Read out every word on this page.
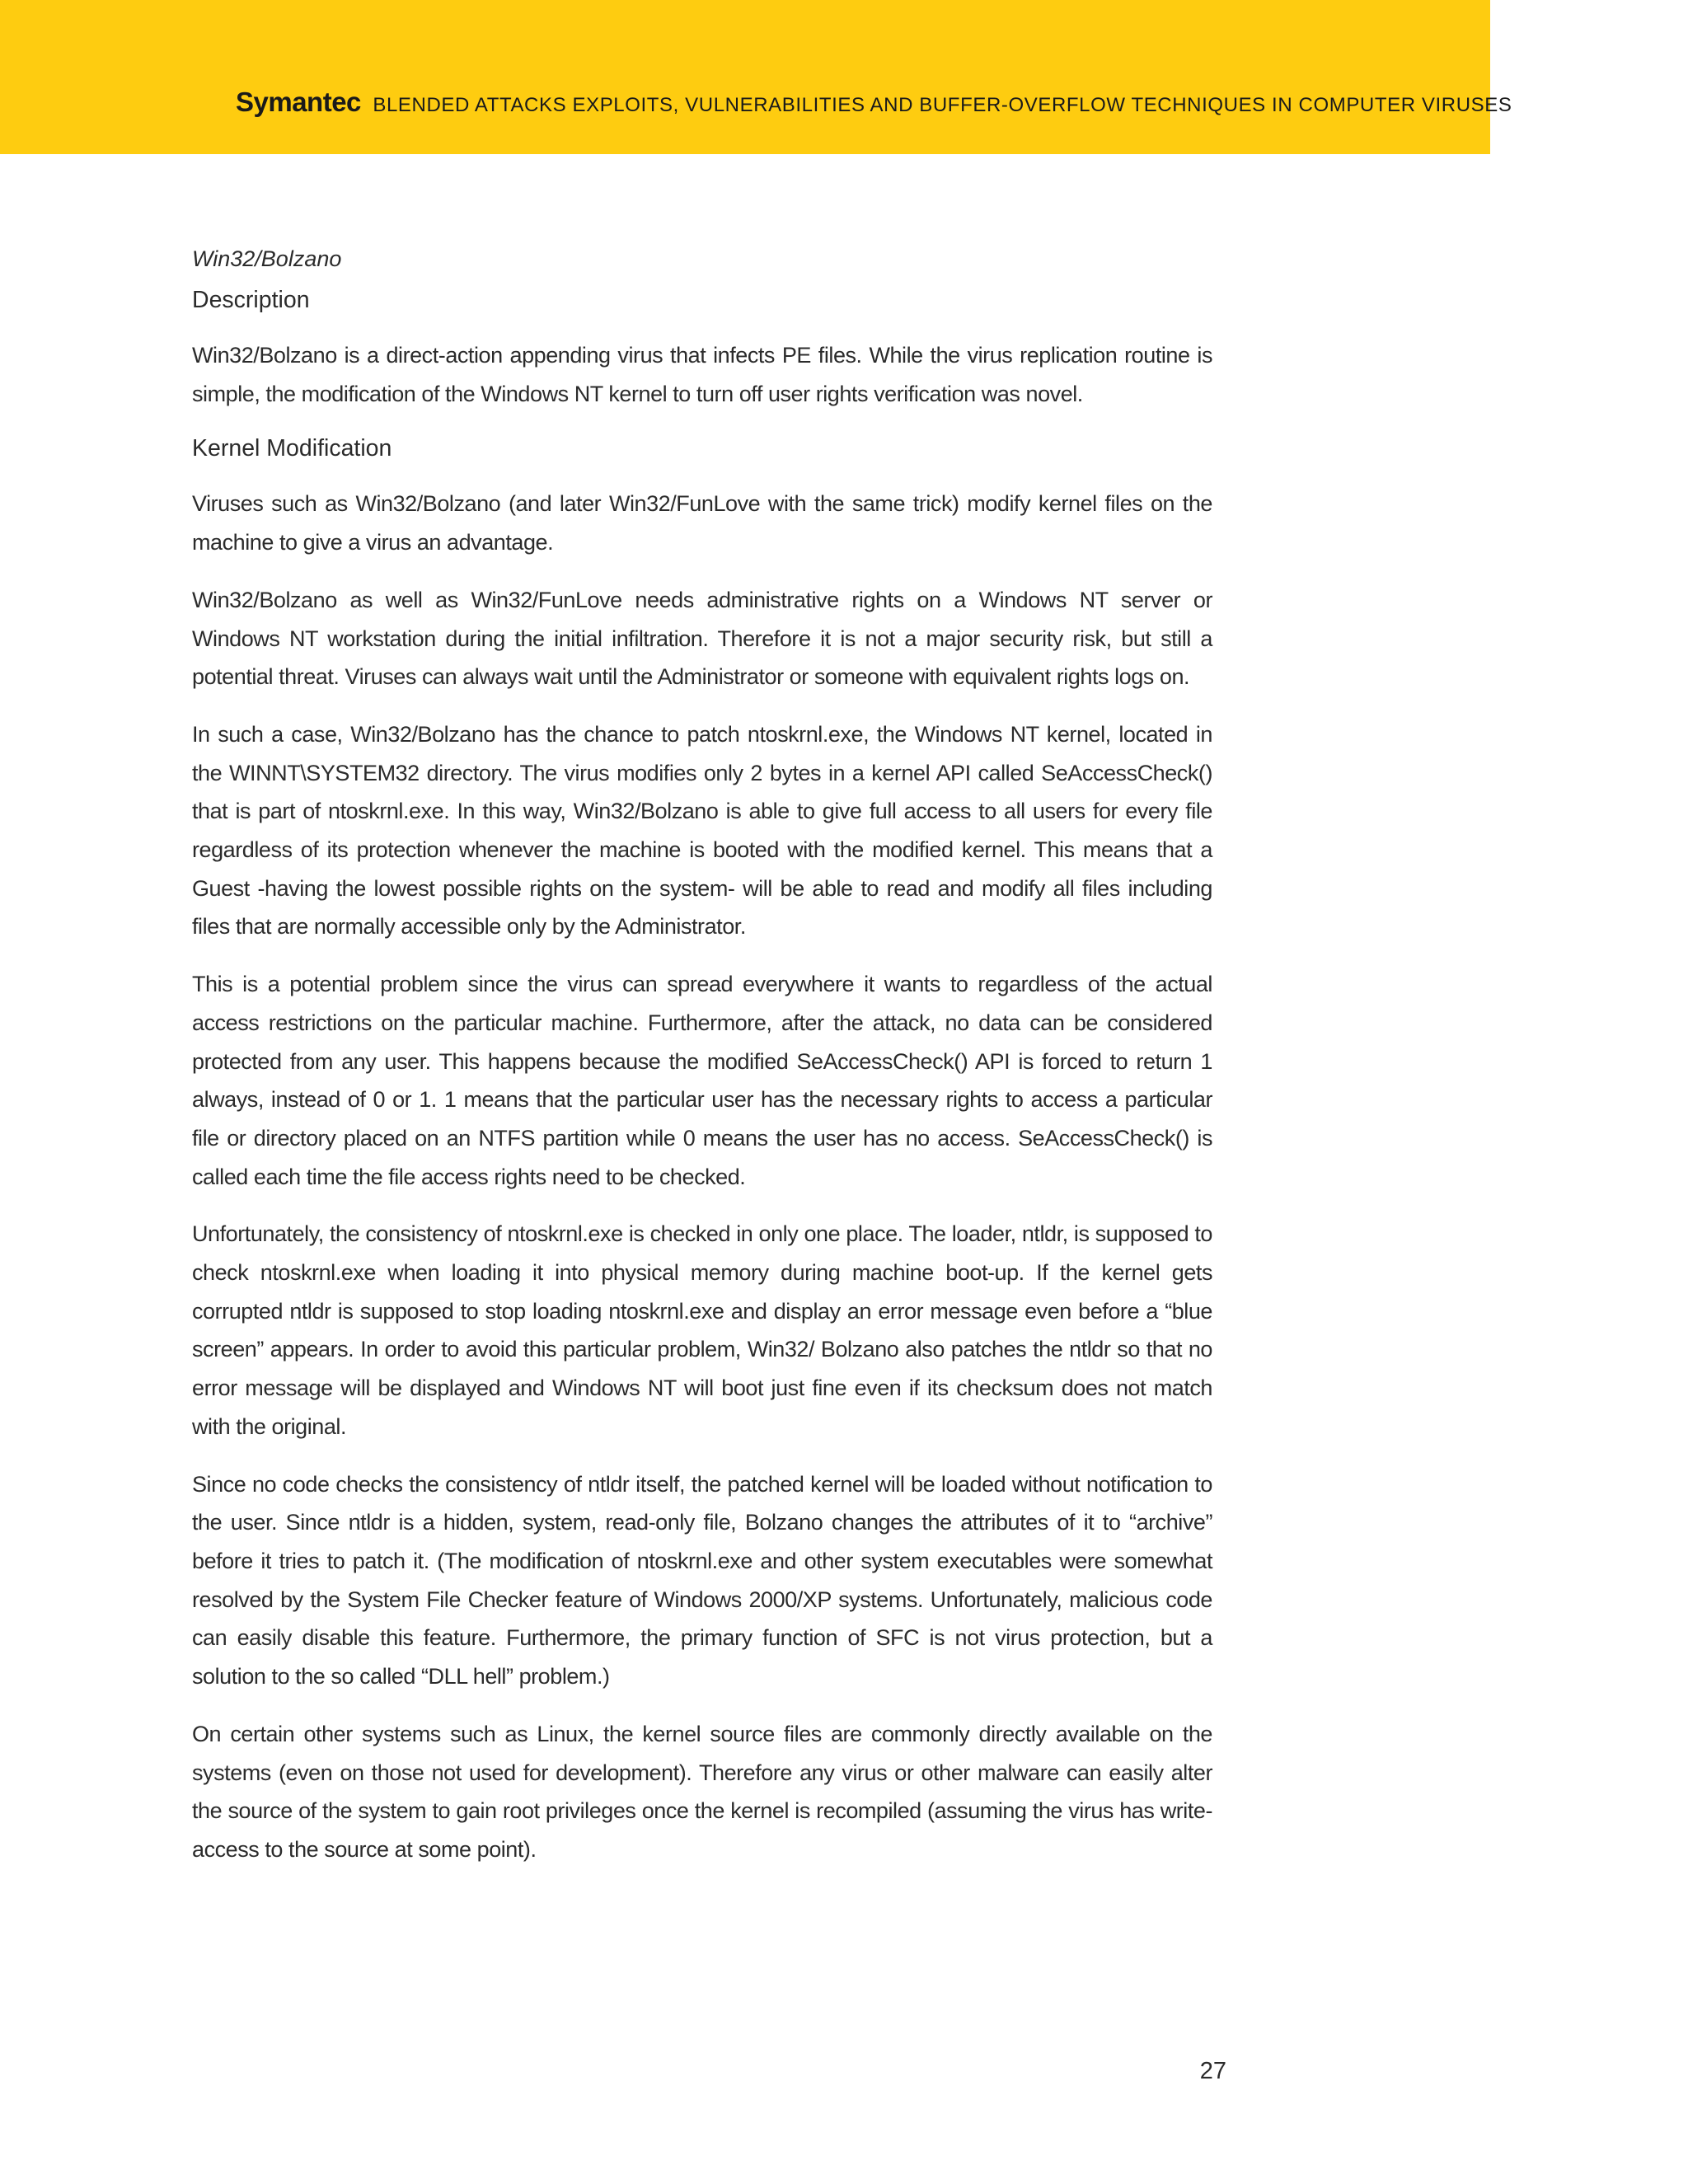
Symantec BLENDED ATTACKS EXPLOITS, VULNERABILITIES AND BUFFER-OVERFLOW TECHNIQUES IN COMPUTER VIRUSES
Win32/Bolzano
Description

Win32/Bolzano is a direct-action appending virus that infects PE files. While the virus replication routine is simple, the modification of the Windows NT kernel to turn off user rights verification was novel.

Kernel Modification

Viruses such as Win32/Bolzano (and later Win32/FunLove with the same trick) modify kernel files on the machine to give a virus an advantage.

Win32/Bolzano as well as Win32/FunLove needs administrative rights on a Windows NT server or Windows NT workstation during the initial infiltration. Therefore it is not a major security risk, but still a potential threat. Viruses can always wait until the Administrator or someone with equivalent rights logs on.

In such a case, Win32/Bolzano has the chance to patch ntoskrnl.exe, the Windows NT kernel, located in the WINNT\SYSTEM32 directory. The virus modifies only 2 bytes in a kernel API called SeAccessCheck() that is part of ntoskrnl.exe. In this way, Win32/Bolzano is able to give full access to all users for every file regardless of its protection whenever the machine is booted with the modified kernel. This means that a Guest -having the lowest possible rights on the system- will be able to read and modify all files including files that are normally accessible only by the Administrator.

This is a potential problem since the virus can spread everywhere it wants to regardless of the actual access restrictions on the particular machine. Furthermore, after the attack, no data can be considered protected from any user. This happens because the modified SeAccessCheck() API is forced to return 1 always, instead of 0 or 1. 1 means that the particular user has the necessary rights to access a particular file or directory placed on an NTFS partition while 0 means the user has no access. SeAccessCheck() is called each time the file access rights need to be checked.

Unfortunately, the consistency of ntoskrnl.exe is checked in only one place. The loader, ntldr, is supposed to check ntoskrnl.exe when loading it into physical memory during machine boot-up. If the kernel gets corrupted ntldr is supposed to stop loading ntoskrnl.exe and display an error message even before a “blue screen” appears. In order to avoid this particular problem, Win32/ Bolzano also patches the ntldr so that no error message will be displayed and Windows NT will boot just fine even if its checksum does not match with the original.

Since no code checks the consistency of ntldr itself, the patched kernel will be loaded without notification to the user. Since ntldr is a hidden, system, read-only file, Bolzano changes the attributes of it to “archive” before it tries to patch it. (The modification of ntoskrnl.exe and other system executables were somewhat resolved by the System File Checker feature of Windows 2000/XP systems. Unfortunately, malicious code can easily disable this feature. Furthermore, the primary function of SFC is not virus protection, but a solution to the so called “DLL hell” problem.)

On certain other systems such as Linux, the kernel source files are commonly directly available on the systems (even on those not used for development). Therefore any virus or other malware can easily alter the source of the system to gain root privileges once the kernel is recompiled (assuming the virus has write-access to the source at some point).

27
